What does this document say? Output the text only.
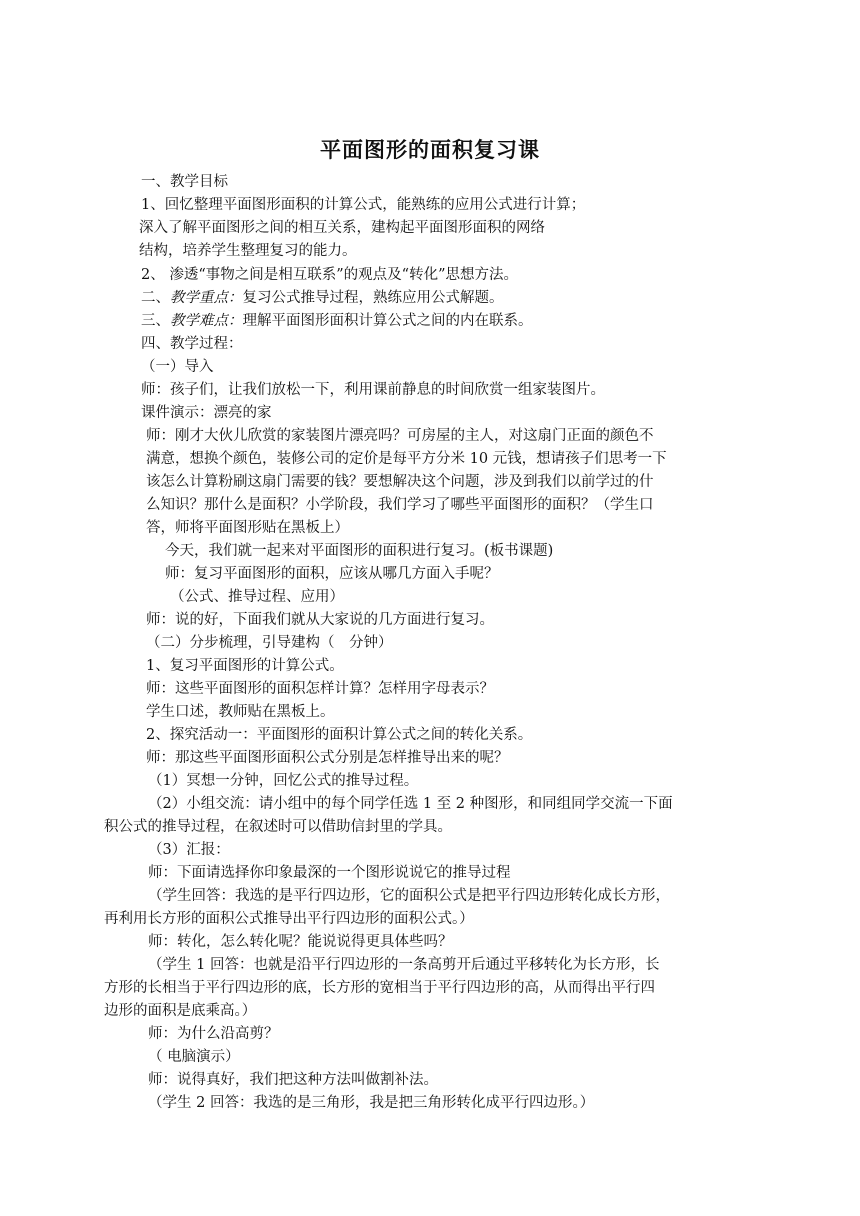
平面图形的面积复习课
一、教学目标
1、回忆整理平面图形面积的计算公式，能熟练的应用公式进行计算；
深入了解平面图形之间的相互关系，建构起平面图形面积的网络
结构，培养学生整理复习的能力。
2、 渗透“事物之间是相互联系”的观点及“转化”思想方法。
二、教学重点：复习公式推导过程，熟练应用公式解题。
三、教学难点：理解平面图形面积计算公式之间的内在联系。
四、教学过程：
（一）导入
师：孩子们，让我们放松一下，利用课前静息的时间欣赏一组家装图片。
课件演示：漂亮的家
师：刚才大伙儿欣赏的家装图片漂亮吗？可房屋的主人，对这扇门正面的颜色不
满意，想换个颜色，装修公司的定价是每平方分米 10 元钱，想请孩子们思考一下
该怎么计算粉刷这扇门需要的钱？要想解决这个问题，涉及到我们以前学过的什
么知识？那什么是面积？小学阶段，我们学习了哪些平面图形的面积？（学生口
答，师将平面图形贴在黑板上）
今天，我们就一起来对平面图形的面积进行复习。(板书课题)
师：复习平面图形的面积，应该从哪几方面入手呢？
（公式、推导过程、应用）
师：说的好，下面我们就从大家说的几方面进行复习。
（二）分步梳理，引导建构（　分钟）
1、复习平面图形的计算公式。
师：这些平面图形的面积怎样计算？怎样用字母表示？
学生口述，教师贴在黑板上。
2、探究活动一：平面图形的面积计算公式之间的转化关系。
师：那这些平面图形面积公式分别是怎样推导出来的呢？
（1）冥想一分钟，回忆公式的推导过程。
（2）小组交流：请小组中的每个同学任选 1 至 2 种图形，和同组同学交流一下面
积公式的推导过程，在叙述时可以借助信封里的学具。
（3）汇报：
师：下面请选择你印象最深的一个图形说说它的推导过程
（学生回答：我选的是平行四边形，它的面积公式是把平行四边形转化成长方形，
再利用长方形的面积公式推导出平行四边形的面积公式。）
师：转化，怎么转化呢？能说说得更具体些吗？
（学生 1 回答：也就是沿平行四边形的一条高剪开后通过平移转化为长方形，长
方形的长相当于平行四边形的底，长方形的宽相当于平行四边形的高，从而得出平行四
边形的面积是底乘高。）
师：为什么沿高剪？
（ 电脑演示）
师：说得真好，我们把这种方法叫做割补法。
（学生 2 回答：我选的是三角形，我是把三角形转化成平行四边形。）
